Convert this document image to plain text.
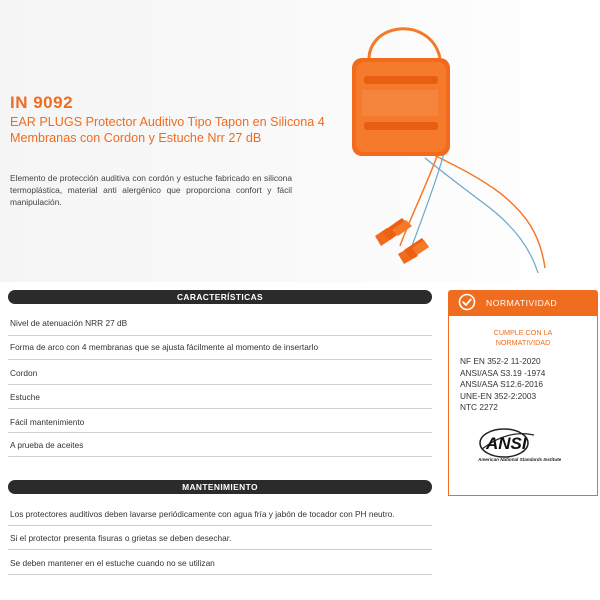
IN 9092
EAR PLUGS Protector Auditivo Tipo Tapon en Silicona 4 Membranas con Cordon y Estuche Nrr 27 dB
Elemento de protección auditiva con cordón y estuche fabricado en silicona termoplástica, material anti alergénico que proporciona confort y fácil manipulación.
CARACTERÍSTICAS
Nivel de atenuación NRR 27 dB
Forma de arco con 4 membranas que se ajusta fácilmente al momento de insertarlo
Cordon
Estuche
Fácil mantenimiento
A prueba de aceites
MANTENIMIENTO
Los protectores auditivos deben lavarse periódicamente con agua fría y jabón de tocador con PH neutro.
Si el protector presenta fisuras o grietas se deben desechar.
Se deben mantener en el estuche cuando no se utilizan
NORMATIVIDAD
CUMPLE CON LA NORMATIVIDAD
NF EN 352-2 11-2020
ANSI/ASA S3.19 -1974
ANSI/ASA S12.6-2016
UNE-EN 352-2:2003
NTC 2272
ANSI
American National Standards Institute
